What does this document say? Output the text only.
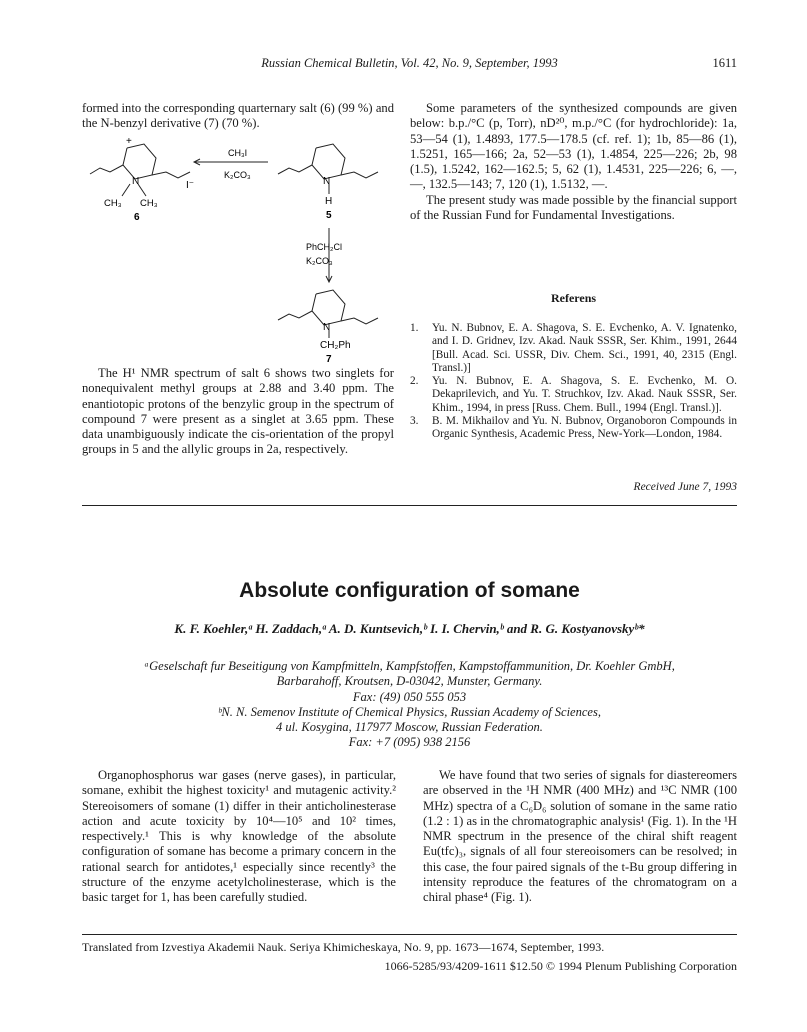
Russian Chemical Bulletin, Vol. 42, No. 9, September, 1993	1611

formed into the corresponding quarternary salt (6) (99 %) and the N-benzyl derivative (7) (70 %).

+
N	I⁻
CH₃ CH₃
6
CH₃I
K₂CO₃
N
H
5
PhCH₂Cl
K₂CO₃
N
CH₂Ph
7

The H¹ NMR spectrum of salt 6 shows two singlets for nonequivalent methyl groups at 2.88 and 3.40 ppm. The enantiotopic protons of the benzylic group in the spectrum of compound 7 were present as a singlet at 3.65 ppm. These data unambiguously indicate the cis-orientation of the propyl groups in 5 and the allylic groups in 2a, respectively.

Some parameters of the synthesized compounds are given below: b.p./°C (p, Torr), nD²⁰, m.p./°C (for hydrochloride): 1a, 53—54 (1), 1.4893, 177.5—178.5 (cf. ref. 1); 1b, 85—86 (1), 1.5251, 165—166; 2a, 52—53 (1), 1.4854, 225—226; 2b, 98 (1.5), 1.5242, 162—162.5; 5, 62 (1), 1.4531, 225—226; 6, —, —, 132.5—143; 7, 120 (1), 1.5132, —.

The present study was made possible by the financial support of the Russian Fund for Fundamental Investigations.

Referens
1.	Yu. N. Bubnov, E. A. Shagova, S. E. Evchenko, A. V. Ignatenko, and I. D. Gridnev, Izv. Akad. Nauk SSSR, Ser. Khim., 1991, 2644 [Bull. Acad. Sci. USSR, Div. Chem. Sci., 1991, 40, 2315 (Engl. Transl.)]
2.	Yu. N. Bubnov, E. A. Shagova, S. E. Evchenko, M. O. Dekaprilevich, and Yu. T. Struchkov, Izv. Akad. Nauk SSSR, Ser. Khim., 1994, in press [Russ. Chem. Bull., 1994 (Engl. Transl.)].
3.	B. M. Mikhailov and Yu. N. Bubnov, Organoboron Compounds in Organic Synthesis, Academic Press, New-York—London, 1984.
Received June 7, 1993
Absolute configuration of somane
K. F. Koehler,ᵃ H. Zaddach,ᵃ A. D. Kuntsevich,ᵇ I. I. Chervin,ᵇ and R. G. Kostyanovskyᵇ*
ᵃGeselschaft fur Beseitigung von Kampfmitteln, Kampfstoffen, Kampstoffammunition, Dr. Koehler GmbH,
Barbarahoff, Kroutsen, D-03042, Munster, Germany.
Fax: (49) 050 555 053
ᵇN. N. Semenov Institute of Chemical Physics, Russian Academy of Sciences,
4 ul. Kosygina, 117977 Moscow, Russian Federation.
Fax: +7 (095) 938 2156

Organophosphorus war gases (nerve gases), in particular, somane, exhibit the highest toxicity¹ and mutagenic activity.² Stereoisomers of somane (1) differ in their anticholinesterase action and acute toxicity by 10⁴—10⁵ and 10² times, respectively.¹ This is why knowledge of the absolute configuration of somane has become a primary concern in the rational search for antidotes,¹ especially since recently³ the structure of the enzyme acetylcholinesterase, which is the basic target for 1, has been carefully studied.

We have found that two series of signals for diastereomers are observed in the ¹H NMR (400 MHz) and ¹³C NMR (100 MHz) spectra of a C₆D₆ solution of somane in the same ratio (1.2 : 1) as in the chromatographic analysis¹ (Fig. 1). In the ¹H NMR spectrum in the presence of the chiral shift reagent Eu(tfc)₃, signals of all four stereoisomers can be resolved; in this case, the four paired signals of the t-Bu group differing in intensity reproduce the features of the chromatogram on a chiral phase⁴ (Fig. 1).

Translated from Izvestiya Akademii Nauk. Seriya Khimicheskaya, No. 9, pp. 1673—1674, September, 1993.
1066-5285/93/4209-1611 $12.50 © 1994 Plenum Publishing Corporation
